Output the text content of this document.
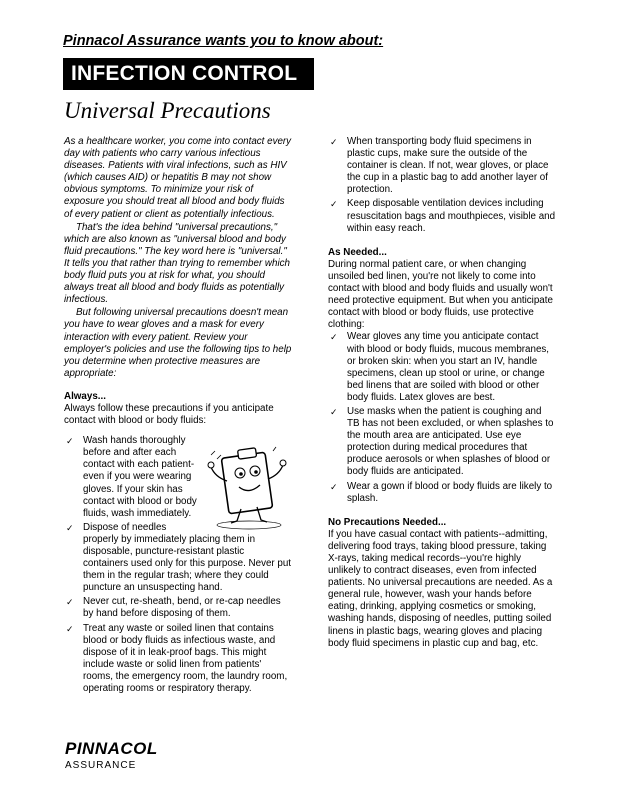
Pinnacol Assurance wants you to know about:
INFECTION CONTROL
Universal Precautions

As a healthcare worker, you come into contact every day with patients who carry various infectious diseases. Patients with viral infections, such as HIV (which causes AID) or hepatitis B may not show obvious symptoms. To minimize your risk of exposure you should treat all blood and body fluids of every patient or client as potentially infectious.

That's the idea behind "universal precautions," which are also known as "universal blood and body fluid precautions." The key word here is "universal." It tells you that rather than trying to remember which body fluid puts you at risk for what, you should always treat all blood and body fluids as potentially infectious.

But following universal precautions doesn't mean you have to wear gloves and a mask for every interaction with every patient. Review your employer's policies and use the following tips to help you determine when protective measures are appropriate:

Always...

Always follow these precautions if you anticipate contact with blood or body fluids:

✓ Wash hands thoroughly before and after each contact with each patient-even if you were wearing gloves. If your skin has contact with blood or body fluids, wash immediately.
✓ Dispose of needles properly by immediately placing them in disposable, puncture-resistant plastic containers used only for this purpose. Never put them in the regular trash; where they could puncture an unsuspecting hand.
✓ Never cut, re-sheath, bend, or re-cap needles by hand before disposing of them.
✓ Treat any waste or soiled linen that contains blood or body fluids as infectious waste, and dispose of it in leak-proof bags. This might include waste or solid linen from patients' rooms, the emergency room, the laundry room, operating rooms or respiratory therapy.
✓ When transporting body fluid specimens in plastic cups, make sure the outside of the container is clean. If not, wear gloves, or place the cup in a plastic bag to add another layer of protection.
✓ Keep disposable ventilation devices including resuscitation bags and mouthpieces, visible and within easy reach.

As Needed...

During normal patient care, or when changing unsoiled bed linen, you're not likely to come into contact with blood and body fluids and usually won't need protective equipment. But when you anticipate contact with blood or body fluids, use protective clothing:

✓ Wear gloves any time you anticipate contact with blood or body fluids, mucous membranes, or broken skin: when you start an IV, handle specimens, clean up stool or urine, or change bed linens that are soiled with blood or other body fluids. Latex gloves are best.
✓ Use masks when the patient is coughing and TB has not been excluded, or when splashes to the mouth area are anticipated. Use eye protection during medical procedures that produce aerosols or when splashes of blood or body fluids are anticipated.
✓ Wear a gown if blood or body fluids are likely to splash.

No Precautions Needed...

If you have casual contact with patients--admitting, delivering food trays, taking blood pressure, taking X-rays, taking medical records--you're highly unlikely to contract diseases, even from infected patients. No universal precautions are needed. As a general rule, however, wash your hands before eating, drinking, applying cosmetics or smoking, washing hands, disposing of needles, putting soiled linens in plastic bags, wearing gloves and placing body fluid specimens in plastic cup and bag, etc.

PINNACOL
ASSURANCE
